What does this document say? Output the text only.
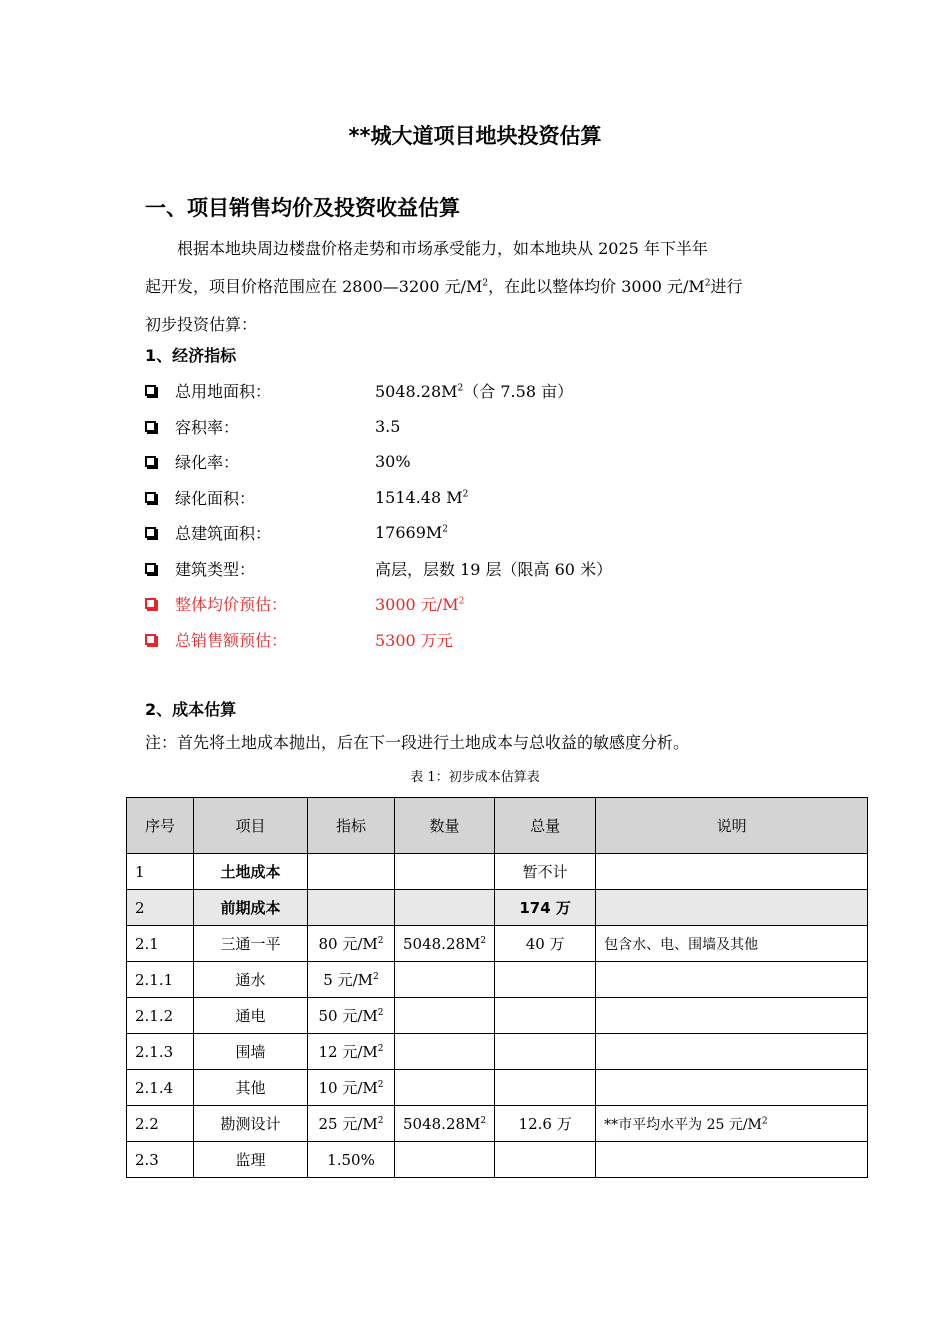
**城大道项目地块投资估算
一、项目销售均价及投资收益估算
根据本地块周边楼盘价格走势和市场承受能力，如本地块从 2025 年下半年
起开发，项目价格范围应在 2800—3200 元$/M^2$，在此以整体均价 3000 元$/M^2$进行
初步投资估算：
1、经济指标
总用地面积：	$5048.28M^2$（合 7.58 亩）
容积率：	3.5
绿化率：	30%
绿化面积：	1514.48 $M^2$
总建筑面积：	$17669M^2$
建筑类型：	高层，层数 19 层（限高 60 米）
整体均价预估：	3000 元$/M^2$
总销售额预估：	5300 万元
2、成本估算
注：首先将土地成本抛出，后在下一段进行土地成本与总收益的敏感度分析。
表 1：初步成本估算表
序号	项目	指标	数量	总量	说明
1	土地成本			暂不计	
2	前期成本			174 万	
2.1	三通一平	80 元$/M^2$	$5048.28M^2$	40 万	包含水、电、围墙及其他
2.1.1	通水	5 元$/M^2$			
2.1.2	通电	50 元$/M^2$			
2.1.3	围墙	12 元$/M^2$			
2.1.4	其他	10 元$/M^2$			
2.2	勘测设计	25 元$/M^2$	$5048.28M^2$	12.6 万	**市平均水平为 25 元$/M^2$
2.3	监理	1.50%			
